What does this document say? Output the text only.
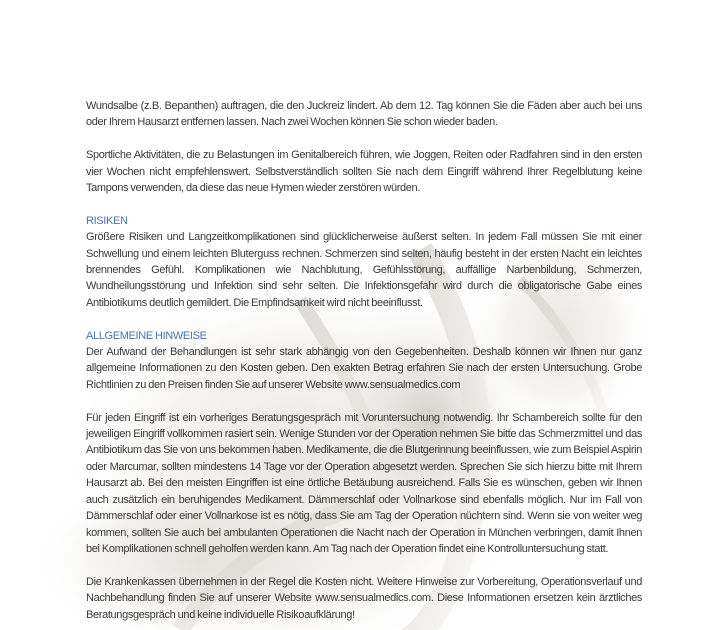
Wundsalbe (z.B. Bepanthen) auftragen, die den Juckreiz lindert. Ab dem 12. Tag können Sie die Fäden aber auch bei uns oder Ihrem Hausarzt entfernen lassen. Nach zwei Wochen können Sie schon wieder baden.

Sportliche Aktivitäten, die zu Belastungen im Genitalbereich führen, wie Joggen, Reiten oder Radfahren sind in den ersten vier Wochen nicht empfehlenswert. Selbstverständlich sollten Sie nach dem Eingriff während Ihrer Regelblutung keine Tampons verwenden, da diese das neue Hymen wieder zerstören würden.

RISIKEN
Größere Risiken und Langzeitkomplikationen sind glücklicherweise äußerst selten. In jedem Fall müssen Sie mit einer Schwellung und einem leichten Bluterguss rechnen. Schmerzen sind selten, häufig besteht in der ersten Nacht ein leichtes brennendes Gefühl. Komplikationen wie Nachblutung, Gefühlsstörung, auffällige Narbenbildung, Schmerzen, Wundheilungsstörung und Infektion sind sehr selten. Die Infektionsgefahr wird durch die obligatorische Gabe eines Antibiotikums deutlich gemildert. Die Empfindsamkeit wird nicht beeinflusst.

ALLGEMEINE HINWEISE
Der Aufwand der Behandlungen ist sehr stark abhängig von den Gegebenheiten. Deshalb können wir Ihnen nur ganz allgemeine Informationen zu den Kosten geben. Den exakten Betrag erfahren Sie nach der ersten Untersuchung. Grobe Richtlinien zu den Preisen finden Sie auf unserer Website www.sensualmedics.com

Für jeden Eingriff ist ein vorheriges Beratungsgespräch mit Voruntersuchung notwendig. Ihr Schambereich sollte für den jeweiligen Eingriff vollkommen rasiert sein. Wenige Stunden vor der Operation nehmen Sie bitte das Schmerzmittel und das Antibiotikum das Sie von uns bekommen haben. Medikamente, die die Blutgerinnung beeinflussen, wie zum Beispiel Aspirin oder Marcumar, sollten mindestens 14 Tage vor der Operation abgesetzt werden. Sprechen Sie sich hierzu bitte mit Ihrem Hausarzt ab. Bei den meisten Eingriffen ist eine örtliche Betäubung ausreichend. Falls Sie es wünschen, geben wir Ihnen auch zusätzlich ein beruhigendes Medikament. Dämmerschlaf oder Vollnarkose sind ebenfalls möglich. Nur im Fall von Dämmerschlaf oder einer Vollnarkose ist es nötig, dass Sie am Tag der Operation nüchtern sind. Wenn sie von weiter weg kommen, sollten Sie auch bei ambulanten Operationen die Nacht nach der Operation in München verbringen, damit Ihnen bei Komplikationen schnell geholfen werden kann. Am Tag nach der Operation findet eine Kontrolluntersuchung statt.

Die Krankenkassen übernehmen in der Regel die Kosten nicht. Weitere Hinweise zur Vorbereitung, Operationsverlauf und Nachbehandlung finden Sie auf unserer Website www.sensualmedics.com. Diese Informationen ersetzen kein ärztliches Beratungsgespräch und keine individuelle Risikoaufklärung!
